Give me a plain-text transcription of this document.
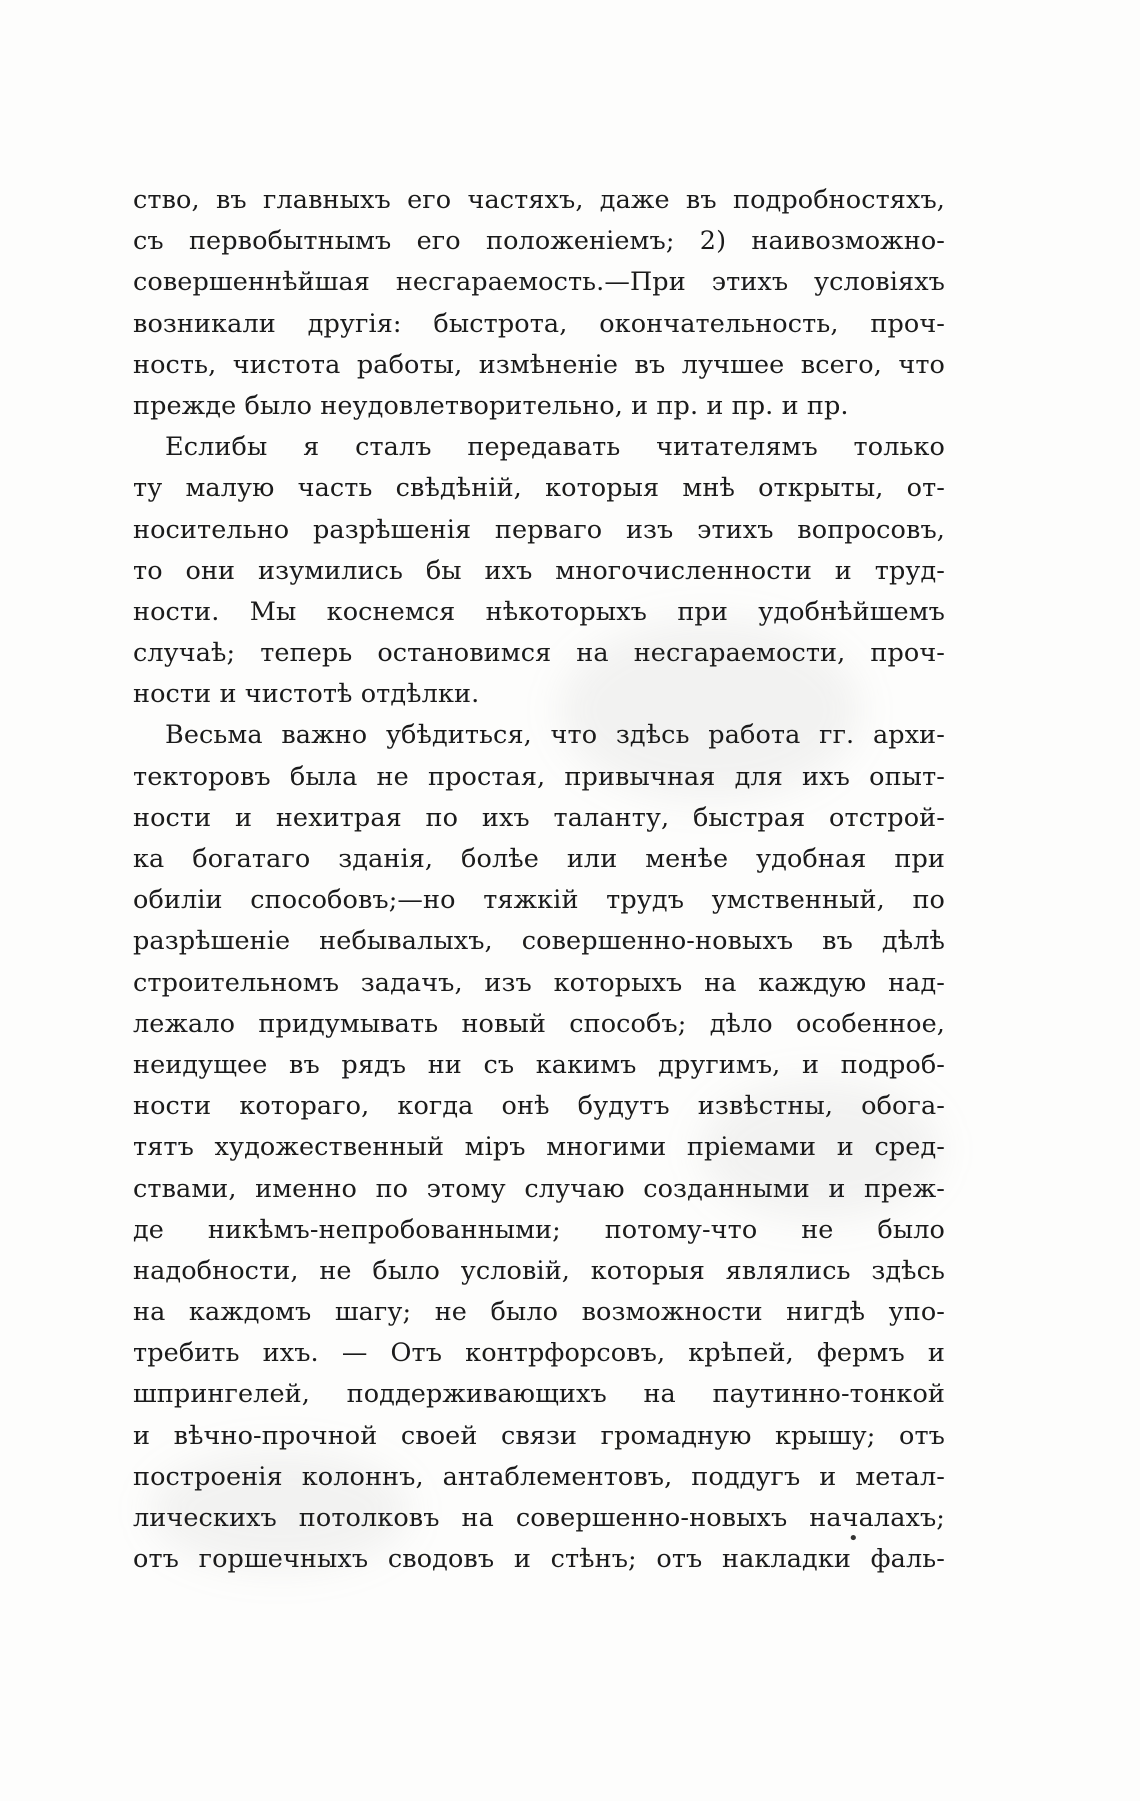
ство, въ главныхъ его частяхъ, даже въ подробностяхъ,
съ первобытнымъ его положеніемъ; 2) наивозможно-
совершеннѣйшая несгараемость.—При этихъ условіяхъ
возникали другія: быстрота, окончательность, проч-
ность, чистота работы, измѣненіе въ лучшее всего, что
прежде было неудовлетворительно, и пр. и пр. и пр.
Еслибы я сталъ передавать читателямъ только
ту малую часть свѣдѣній, которыя мнѣ открыты, от-
носительно разрѣшенія перваго изъ этихъ вопросовъ,
то они изумились бы ихъ многочисленности и труд-
ности. Мы коснемся нѣкоторыхъ при удобнѣйшемъ
случаѣ; теперь остановимся на несгараемости, проч-
ности и чистотѣ отдѣлки.
Весьма важно убѣдиться, что здѣсь работа гг. архи-
текторовъ была не простая, привычная для ихъ опыт-
ности и нехитрая по ихъ таланту, быстрая отстрой-
ка богатаго зданія, болѣе или менѣе удобная при
обиліи способовъ;—но тяжкій трудъ умственный, по
разрѣшеніе небывалыхъ, совершенно-новыхъ въ дѣлѣ
строительномъ задачъ, изъ которыхъ на каждую над-
лежало придумывать новый способъ; дѣло особенное,
неидущее въ рядъ ни съ какимъ другимъ, и подроб-
ности котораго, когда онѣ будутъ извѣстны, обога-
тятъ художественный міръ многими пріемами и сред-
ствами, именно по этому случаю созданными и преж-
де никѣмъ-непробованными; потому-что не было
надобности, не было условій, которыя являлись здѣсь
на каждомъ шагу; не было возможности нигдѣ упо-
требить ихъ. — Отъ контрфорсовъ, крѣпей, фермъ и
шпрингелей, поддерживающихъ на паутинно-тонкой
и вѣчно-прочной своей связи громадную крышу; отъ
построенія колоннъ, антаблементовъ, поддугъ и метал-
лическихъ потолковъ на совершенно-новыхъ началахъ;
отъ горшечныхъ сводовъ и стѣнъ; отъ накладки фаль-
•
